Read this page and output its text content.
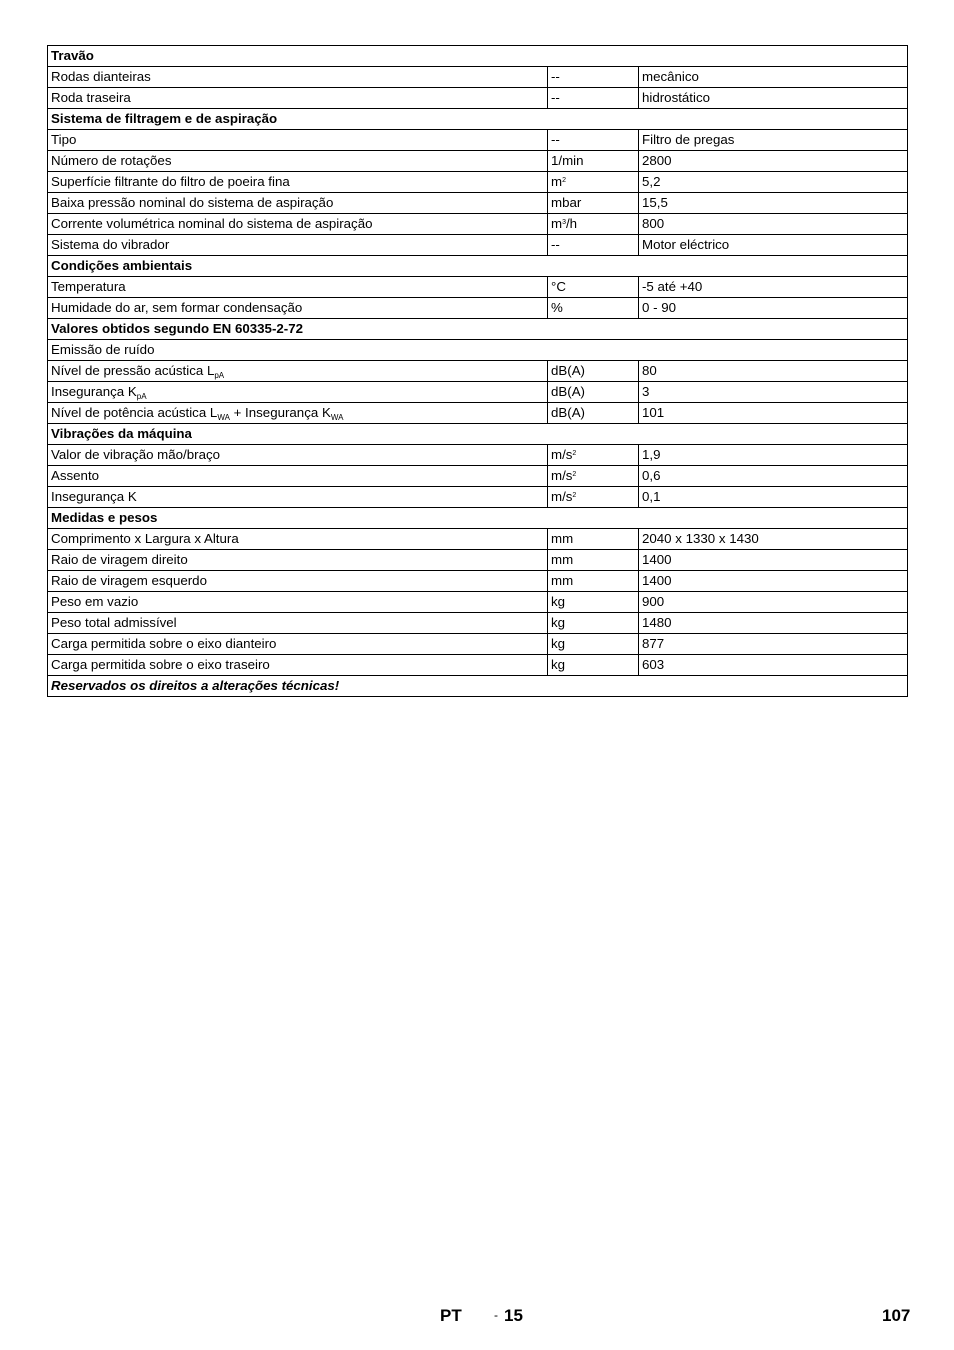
Travão		
Rodas dianteiras	--	mecânico
Roda traseira	--	hidrostático
Sistema de filtragem e de aspiração		
Tipo	--	Filtro de pregas
Número de rotações	1/min	2800
Superfície filtrante do filtro de poeira fina	$m^2$	5,2
Baixa pressão nominal do sistema de aspiração	mbar	15,5
Corrente volumétrica nominal do sistema de aspiração	$m^3/h$	800
Sistema do vibrador	--	Motor eléctrico
Condições ambientais		
Temperatura	°C	-5 até +40
Humidade do ar, sem formar condensação	%	0 - 90
Valores obtidos segundo EN 60335-2-72		
Emissão de ruído		
Nível de pressão acústica $L_{pA}$	dB(A)	80
Insegurança $K_{pA}$	dB(A)	3
Nível de potência acústica $L_{WA}$ + Insegurança $K_{WA}$	dB(A)	101
Vibrações da máquina		
Valor de vibração mão/braço	$m/s^2$	1,9
Assento	$m/s^2$	0,6
Insegurança K	$m/s^2$	0,1
Medidas e pesos		
Comprimento x Largura x Altura	mm	2040 x 1330 x 1430
Raio de viragem direito	mm	1400
Raio de viragem esquerdo	mm	1400
Peso em vazio	kg	900
Peso total admissível	kg	1480
Carga permitida sobre o eixo dianteiro	kg	877
Carga permitida sobre o eixo traseiro	kg	603
Reservados os direitos a alterações técnicas!		
PT	- 15	107
